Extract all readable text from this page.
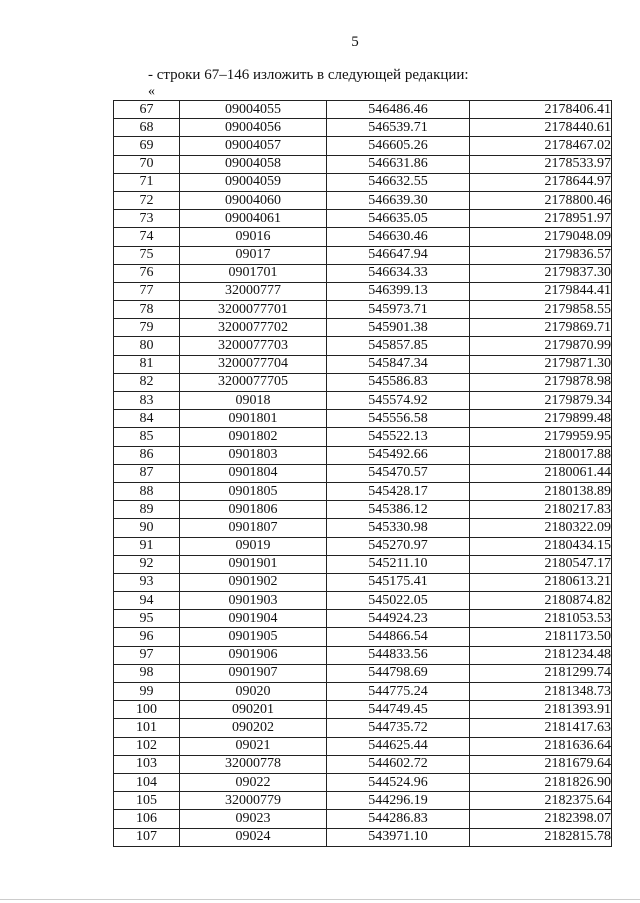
5
- строки 67–146 изложить в следующей редакции:
«
67	09004055	546486.46	2178406.41
68	09004056	546539.71	2178440.61
69	09004057	546605.26	2178467.02
70	09004058	546631.86	2178533.97
71	09004059	546632.55	2178644.97
72	09004060	546639.30	2178800.46
73	09004061	546635.05	2178951.97
74	09016	546630.46	2179048.09
75	09017	546647.94	2179836.57
76	0901701	546634.33	2179837.30
77	32000777	546399.13	2179844.41
78	3200077701	545973.71	2179858.55
79	3200077702	545901.38	2179869.71
80	3200077703	545857.85	2179870.99
81	3200077704	545847.34	2179871.30
82	3200077705	545586.83	2179878.98
83	09018	545574.92	2179879.34
84	0901801	545556.58	2179899.48
85	0901802	545522.13	2179959.95
86	0901803	545492.66	2180017.88
87	0901804	545470.57	2180061.44
88	0901805	545428.17	2180138.89
89	0901806	545386.12	2180217.83
90	0901807	545330.98	2180322.09
91	09019	545270.97	2180434.15
92	0901901	545211.10	2180547.17
93	0901902	545175.41	2180613.21
94	0901903	545022.05	2180874.82
95	0901904	544924.23	2181053.53
96	0901905	544866.54	2181173.50
97	0901906	544833.56	2181234.48
98	0901907	544798.69	2181299.74
99	09020	544775.24	2181348.73
100	090201	544749.45	2181393.91
101	090202	544735.72	2181417.63
102	09021	544625.44	2181636.64
103	32000778	544602.72	2181679.64
104	09022	544524.96	2181826.90
105	32000779	544296.19	2182375.64
106	09023	544286.83	2182398.07
107	09024	543971.10	2182815.78
